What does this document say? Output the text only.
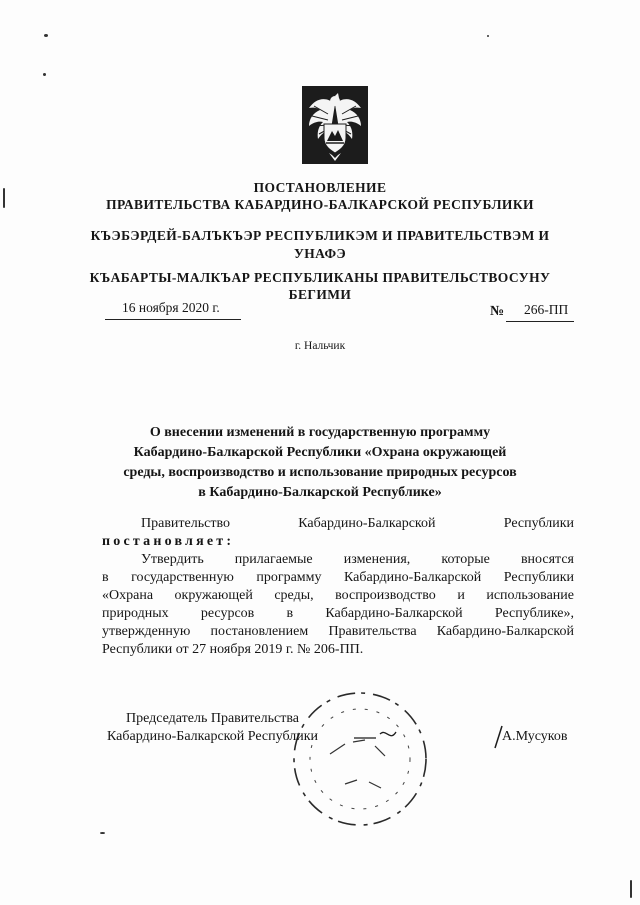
ПОСТАНОВЛЕНИЕ
ПРАВИТЕЛЬСТВА КАБАРДИНО-БАЛКАРСКОЙ РЕСПУБЛИКИ
КЪЭБЭРДЕЙ-БАЛЪКЪЭР РЕСПУБЛИКЭМ И ПРАВИТЕЛЬСТВЭМ И
УНАФЭ
КЪАБАРТЫ-МАЛКЪАР РЕСПУБЛИКАНЫ ПРАВИТЕЛЬСТВОСУНУ
БЕГИМИ
16 ноября 2020 г.	№ 266-ПП
г. Нальчик
О внесении изменений в государственную программу
Кабардино-Балкарской Республики «Охрана окружающей
среды, воспроизводство и использование природных ресурсов
в Кабардино-Балкарской Республике»
Правительство Кабардино-Балкарской Республики
постановляет:
Утвердить прилагаемые изменения, которые вносятся
в государственную программу Кабардино-Балкарской Республики
«Охрана окружающей среды, воспроизводство и использование
природных ресурсов в Кабардино-Балкарской Республике»,
утвержденную постановлением Правительства Кабардино-Балкарской
Республики от 27 ноября 2019 г. № 206-ПП.
Председатель Правительства
Кабардино-Балкарской Республики	А.Мусуков
